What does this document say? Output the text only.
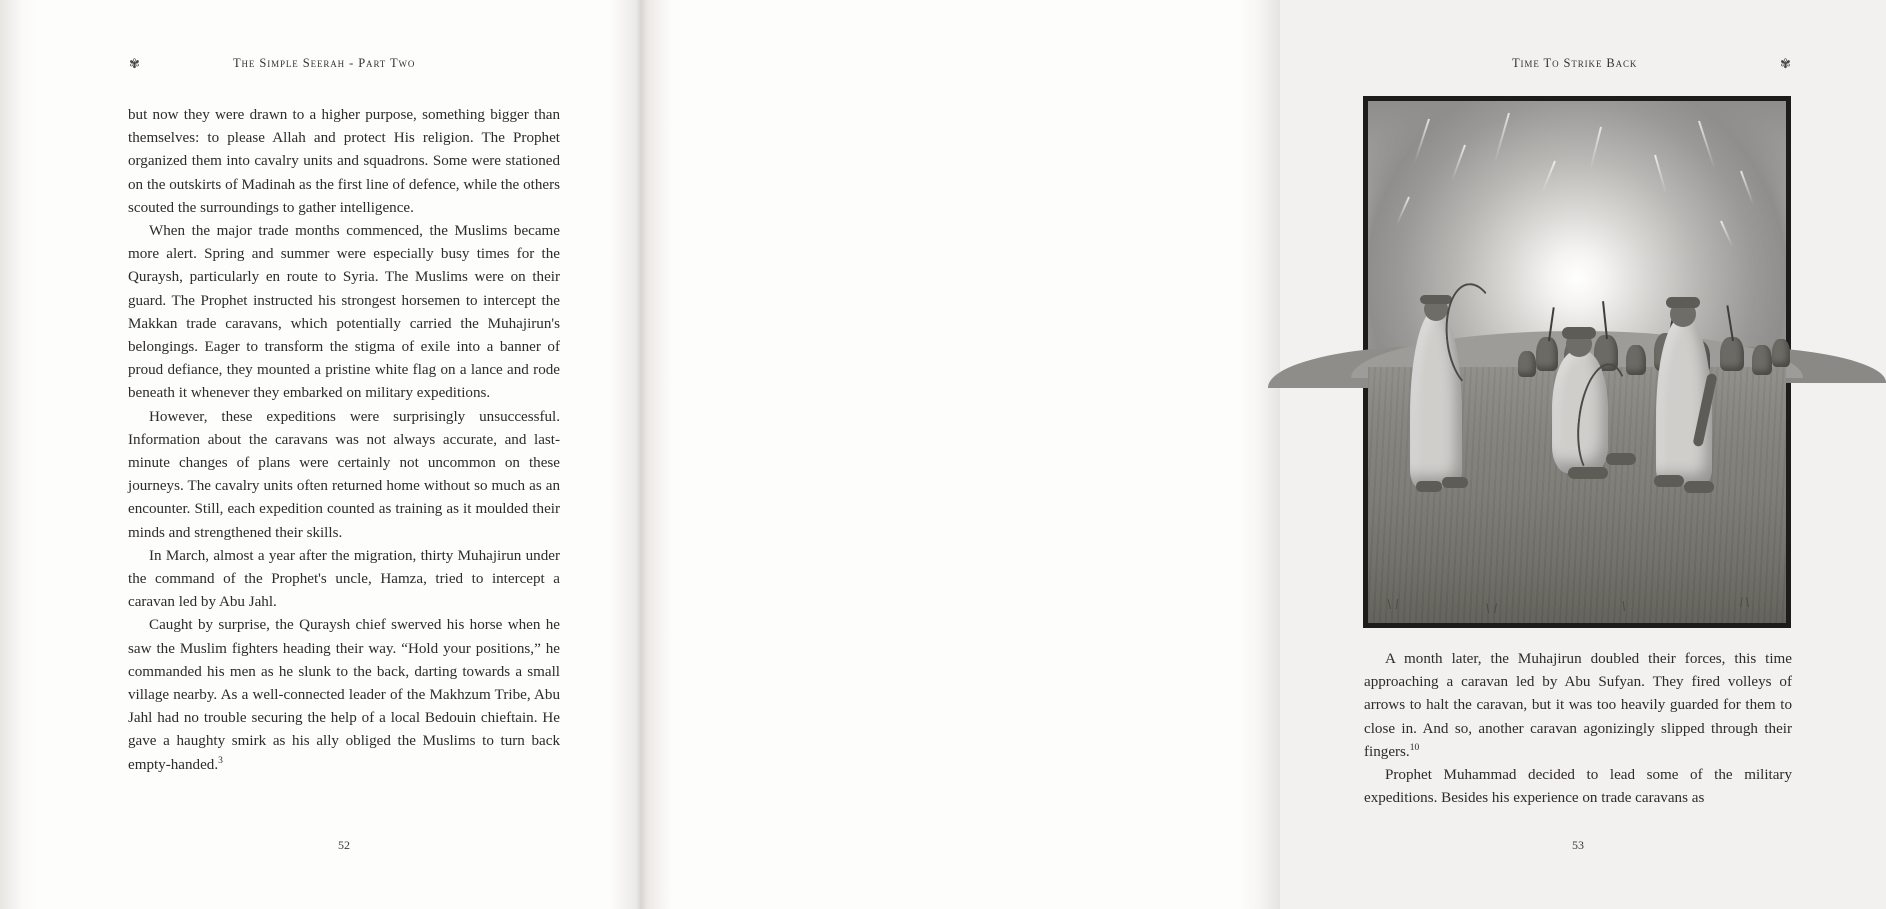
✾	The Simple Seerah - Part Two

but now they were drawn to a higher purpose, something bigger than themselves: to please Allah and protect His religion. The Prophet organized them into cavalry units and squadrons. Some were stationed on the outskirts of Madinah as the first line of defence, while the others scouted the surroundings to gather intelligence.

When the major trade months commenced, the Muslims became more alert. Spring and summer were especially busy times for the Quraysh, particularly en route to Syria. The Muslims were on their guard. The Prophet instructed his strongest horsemen to intercept the Makkan trade caravans, which potentially carried the Muhajirun's belongings. Eager to transform the stigma of exile into a banner of proud defiance, they mounted a pristine white flag on a lance and rode beneath it whenever they embarked on military expeditions.

However, these expeditions were surprisingly unsuccessful. Information about the caravans was not always accurate, and last-minute changes of plans were certainly not uncommon on these journeys. The cavalry units often returned home without so much as an encounter. Still, each expedition counted as training as it moulded their minds and strengthened their skills.

In March, almost a year after the migration, thirty Muhajirun under the command of the Prophet's uncle, Hamza, tried to intercept a caravan led by Abu Jahl.

Caught by surprise, the Quraysh chief swerved his horse when he saw the Muslim fighters heading their way. “Hold your positions,” he commanded his men as he slunk to the back, darting towards a small village nearby. As a well-connected leader of the Makhzum Tribe, Abu Jahl had no trouble securing the help of a local Bedouin chieftain. He gave a haughty smirk as his ally obliged the Muslims to turn back empty-handed.$^3$

52
Time To Strike Back	✾

A month later, the Muhajirun doubled their forces, this time approaching a caravan led by Abu Sufyan. They fired volleys of arrows to halt the caravan, but it was too heavily guarded for them to close in. And so, another caravan agonizingly slipped through their fingers.$^{10}$

Prophet Muhammad decided to lead some of the military expeditions. Besides his experience on trade caravans as

53
